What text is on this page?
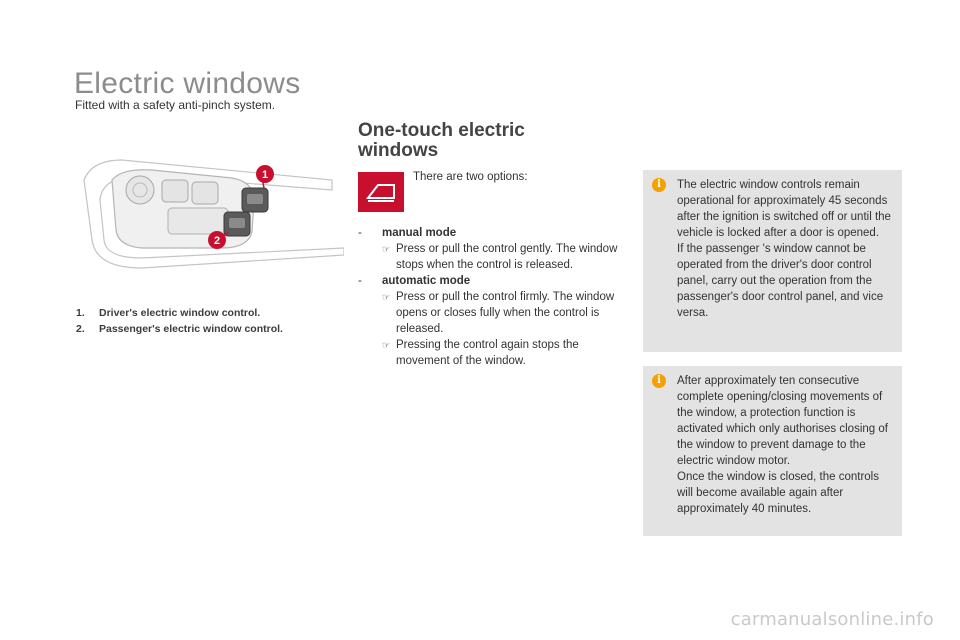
Electric windows
Fitted with a safety anti-pinch system.
1
2
1. Driver's electric window control.
2. Passenger's electric window control.
One-touch electric
windows
There are two options:
- manual mode
☞ Press or pull the control gently. The window stops when the control is released.
- automatic mode
☞ Press or pull the control firmly. The window opens or closes fully when the control is released.
☞ Pressing the control again stops the movement of the window.
i	The electric window controls remain operational for approximately 45 seconds after the ignition is switched off or until the vehicle is locked after a door is opened.

If the passenger 's window cannot be operated from the driver's door control panel, carry out the operation from the passenger's door control panel, and vice versa.

i	After approximately ten consecutive complete opening/closing movements of the window, a protection function is activated which only authorises closing of the window to prevent damage to the electric window motor.

Once the window is closed, the controls will become available again after approximately 40 minutes.

carmanualsonline.info
